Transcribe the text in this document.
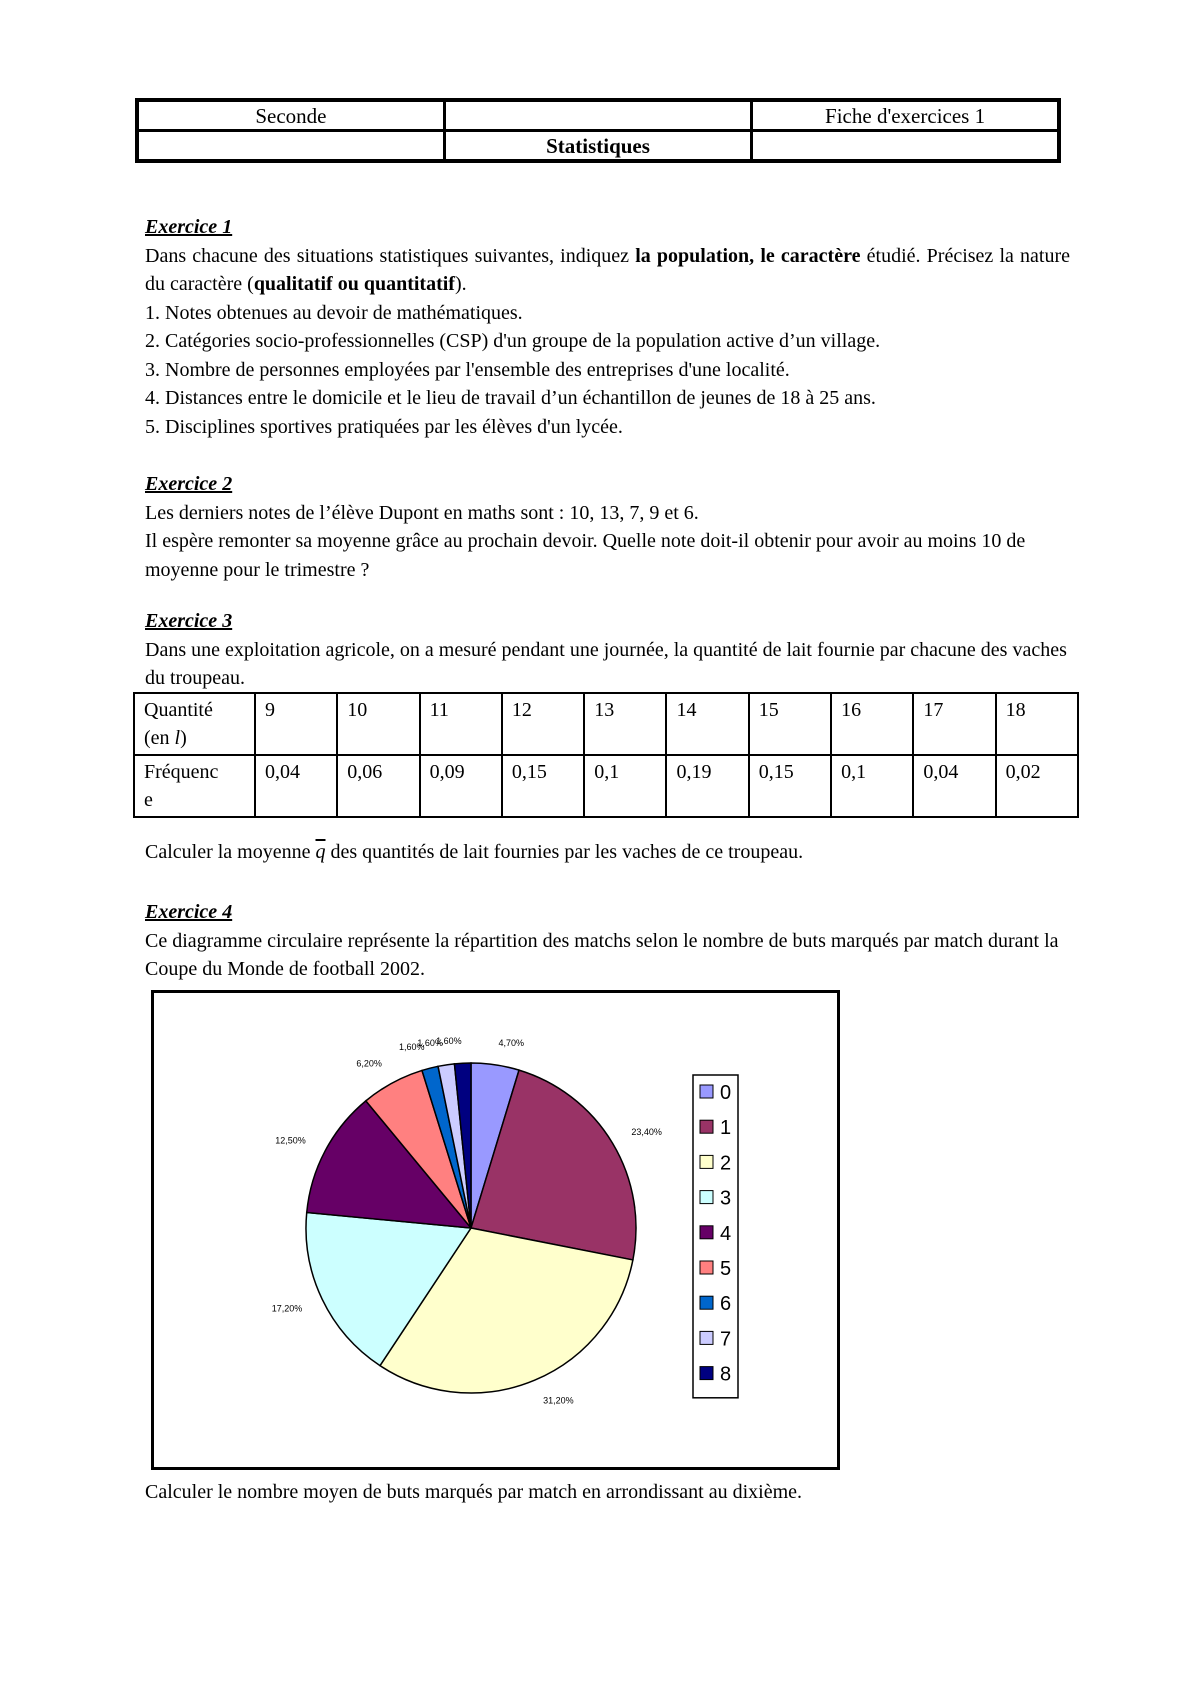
Seconde		Fiche d'exercices 1
	Statistiques	
Exercice 1
Dans chacune des situations statistiques suivantes, indiquez la population, le caractère étudié. Précisez la nature du caractère (qualitatif ou quantitatif).
1. Notes obtenues au devoir de mathématiques.
2. Catégories socio-professionnelles (CSP) d'un groupe de la population active d’un village.
3. Nombre de personnes employées par l'ensemble des entreprises d'une localité.
4. Distances entre le domicile et le lieu de travail d’un échantillon de jeunes de 18 à 25 ans.
5. Disciplines sportives pratiquées par les élèves d'un lycée.
Exercice 2
Les derniers notes de l’élève Dupont en maths sont : 10, 13, 7, 9 et 6.
Il espère remonter sa moyenne grâce au prochain devoir. Quelle note doit-il obtenir pour avoir au moins 10 de moyenne pour le trimestre ?
Exercice 3
Dans une exploitation agricole, on a mesuré pendant une journée, la quantité de lait fournie par chacune des vaches du troupeau.
Quantité
(en l)	9	10	11	12	13	14	15	16	17	18
Fréquenc
e	0,04	0,06	0,09	0,15	0,1	0,19	0,15	0,1	0,04	0,02
Calculer la moyenne $\overline{q}$ des quantités de lait fournies par les vaches de ce troupeau.
Exercice 4
Ce diagramme circulaire représente la répartition des matchs selon le nombre de buts marqués par match durant la Coupe du Monde de football 2002.
4,70%
23,40%
31,20%
17,20%
12,50%
6,20%
1,60%
1,60%
1,60%
0
1
2
3
4
5
6
7
8
Calculer le nombre moyen de buts marqués par match en arrondissant au dixième.
